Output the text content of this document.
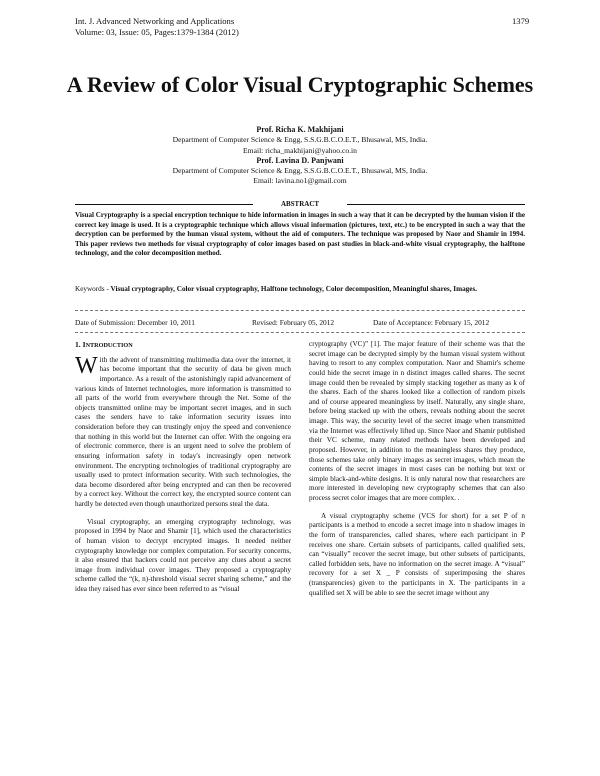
Int. J. Advanced Networking and Applications
Volume: 03, Issue: 05, Pages:1379-1384 (2012)
1379
A Review of Color Visual Cryptographic Schemes
Prof. Richa K. Makhijani
Department of Computer Science & Engg, S.S.G.B.C.O.E.T., Bhusawal, MS, India.
Email: richa_makhijani@yahoo.co.in
Prof. Lavina D. Panjwani
Department of Computer Science & Engg, S.S.G.B.C.O.E.T., Bhusawal, MS, India.
Email: lavina.no1@gmail.com
ABSTRACT
Visual Cryptography is a special encryption technique to hide information in images in such a way that it can be decrypted by the human vision if the correct key image is used. It is a cryptographic technique which allows visual information (pictures, text, etc.) to be encrypted in such a way that the decryption can be performed by the human visual system, without the aid of computers. The technique was proposed by Naor and Shamir in 1994. This paper reviews two methods for visual cryptography of color images based on past studies in black-and-white visual cryptography, the halftone technology, and the color decomposition method.
Keywords - Visual cryptography, Color visual cryptography, Halftone technology, Color decomposition, Meaningful shares, Images.
Date of Submission: December 10, 2011	Revised: February 05, 2012	Date of Acceptance: February 15, 2012

1. INTRODUCTION

With the advent of transmitting multimedia data over the internet, it has become important that the security of data be given much importance. As a result of the astonishingly rapid advancement of various kinds of Internet technologies, more information is transmitted to all parts of the world from everywhere through the Net. Some of the objects transmitted online may be important secret images, and in such cases the senders have to take information security issues into consideration before they can trustingly enjoy the speed and convenience that nothing in this world but the Internet can offer. With the ongoing era of electronic commerce, there is an urgent need to solve the problem of ensuring information safety in today's increasingly open network environment. The encrypting technologies of traditional cryptography are usually used to protect information security. With such technologies, the data become disordered after being encrypted and can then be recovered by a correct key. Without the correct key, the encrypted source content can hardly be detected even though unauthorized persons steal the data.

Visual cryptography, an emerging cryptography technology, was proposed in 1994 by Naor and Shamir [1], which used the characteristics of human vision to decrypt encrypted images. It needed neither cryptography knowledge nor complex computation. For security concerns, it also ensured that hackers could not perceive any clues about a secret image from individual cover images. They proposed a cryptography scheme called the “(k, n)-threshold visual secret sharing scheme,” and the idea they raised has ever since been referred to as “visual

cryptography (VC)” [1]. The major feature of their scheme was that the secret image can be decrypted simply by the human visual system without having to resort to any complex computation. Naor and Shamir's scheme could hide the secret image in n distinct images called shares. The secret image could then be revealed by simply stacking together as many as k of the shares. Each of the shares looked like a collection of random pixels and of course appeared meaningless by itself. Naturally, any single share, before being stacked up with the others, reveals nothing about the secret image. This way, the security level of the secret image when transmitted via the Internet was effectively lifted up. Since Naor and Shamir published their VC scheme, many related methods have been developed and proposed. However, in addition to the meaningless shares they produce, those schemes take only binary images as secret images, which mean the contents of the secret images in most cases can be nothing but text or simple black-and-white designs. It is only natural now that researchers are more interested in developing new cryptography schemes that can also process secret color images that are more complex. .

A visual cryptography scheme (VCS for short) for a set P of n participants is a method to encode a secret image into n shadow images in the form of transparencies, called shares, where each participant in P receives one share. Certain subsets of participants, called qualified sets, can “visually” recover the secret image, but other subsets of participants, called forbidden sets, have no information on the secret image. A “visual” recovery for a set X _ P consists of superimposing the shares (transparencies) given to the participants in X. The participants in a qualified set X will be able to see the secret image without any
